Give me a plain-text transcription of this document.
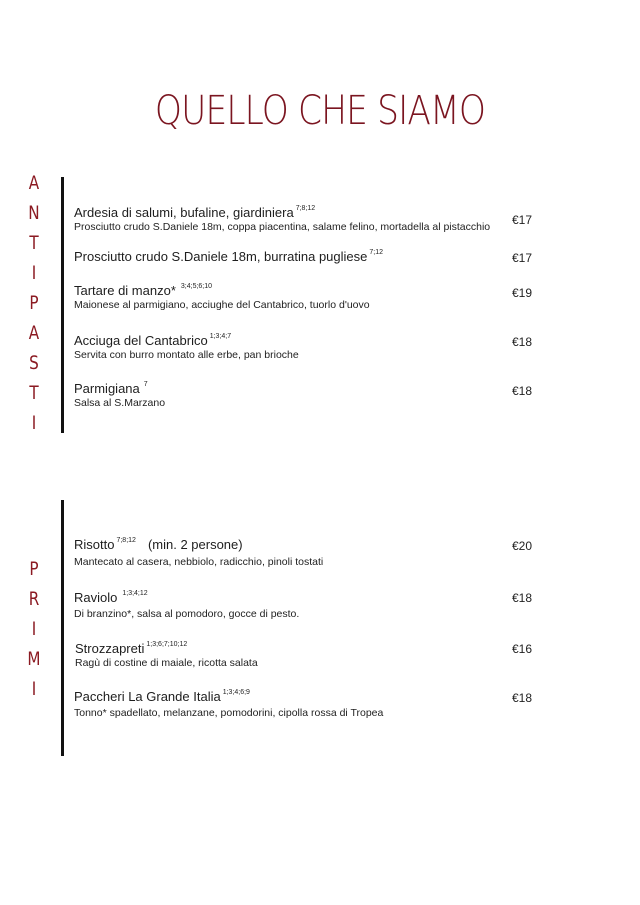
QUELLO CHE SIAMO
A
N
T
I
P
A
S
T
I
Ardesia di salumi, bufaline, giardiniera $^{7;8;12}$
Prosciutto crudo S.Daniele 18m, coppa piacentina, salame felino, mortadella al pistacchio	€17
Prosciutto crudo S.Daniele 18m, burratina pugliese $^{7;12}$	€17
Tartare di manzo* $^{3;4;5;6;10}$
Maionese al parmigiano, acciughe del Cantabrico, tuorlo d'uovo
€19
Acciuga del Cantabrico $^{1;3;4;7}$
Servita con burro montato alle erbe, pan brioche
€18
Parmigiana $^7$
Salsa al S.Marzano
€18
P
R
I
M
I
Risotto $^{7;8;12}$ (min. 2 persone)
Mantecato al casera, nebbiolo, radicchio, pinoli tostati
€20
Raviolo $^{1;3;4;12}$
Di branzino*, salsa al pomodoro, gocce di pesto.
€18
Strozzapreti $^{1;3;6;7;10;12}$
Ragù di costine di maiale, ricotta salata
€16
Paccheri La Grande Italia $^{1;3;4;6;9}$
Tonno* spadellato, melanzane, pomodorini, cipolla rossa di Tropea
€18
